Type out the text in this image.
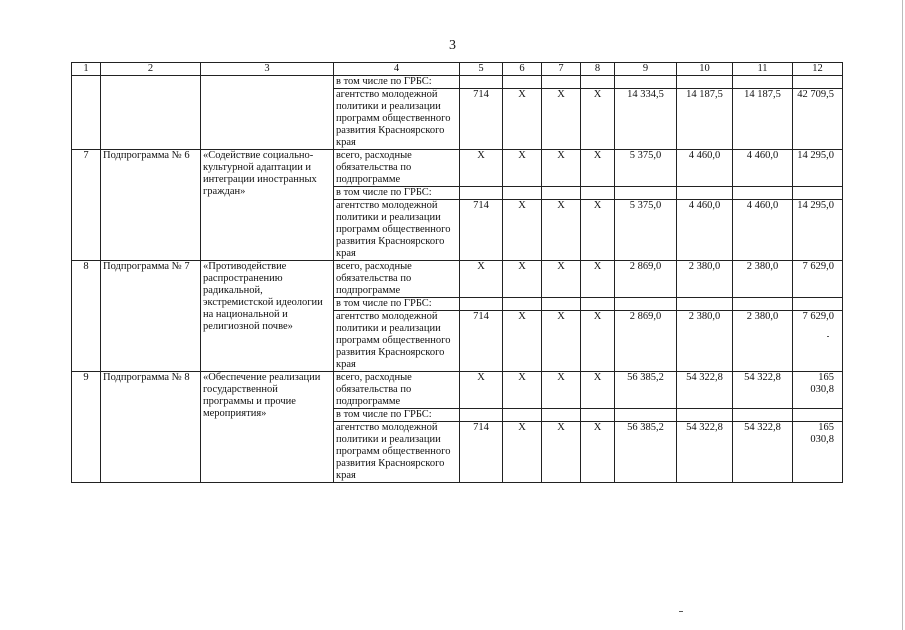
3
1	2	3	4	5	6	7	8	9	10	11	12
			в том числе по ГРБС:								
			агентство молодежной политики и реализации программ общественного развития Красноярского края	714	Х	Х	Х	14 334,5	14 187,5	14 187,5	42 709,5
7	Подпрограмма № 6	«Содействие социально-культурной адаптации и интеграции иностранных граждан»	всего, расходные обязательства по подпрограмме	Х	Х	Х	Х	5 375,0	4 460,0	4 460,0	14 295,0
			в том числе по ГРБС:								
			агентство молодежной политики и реализации программ общественного развития Красноярского края	714	Х	Х	Х	5 375,0	4 460,0	4 460,0	14 295,0
8	Подпрограмма № 7	«Противодействие распространению радикальной, экстремистской идеологии на национальной и религиозной почве»	всего, расходные обязательства по подпрограмме	Х	Х	Х	Х	2 869,0	2 380,0	2 380,0	7 629,0
			в том числе по ГРБС:								
			агентство молодежной политики и реализации программ общественного развития Красноярского края	714	Х	Х	Х	2 869,0	2 380,0	2 380,0	7 629,0
9	Подпрограмма № 8	«Обеспечение реализации государственной программы и прочие мероприятия»	всего, расходные обязательства по подпрограмме	Х	Х	Х	Х	56 385,2	54 322,8	54 322,8	165 030,8
			в том числе по ГРБС:								
			агентство молодежной политики и реализации программ общественного развития Красноярского края	714	Х	Х	Х	56 385,2	54 322,8	54 322,8	165 030,8
